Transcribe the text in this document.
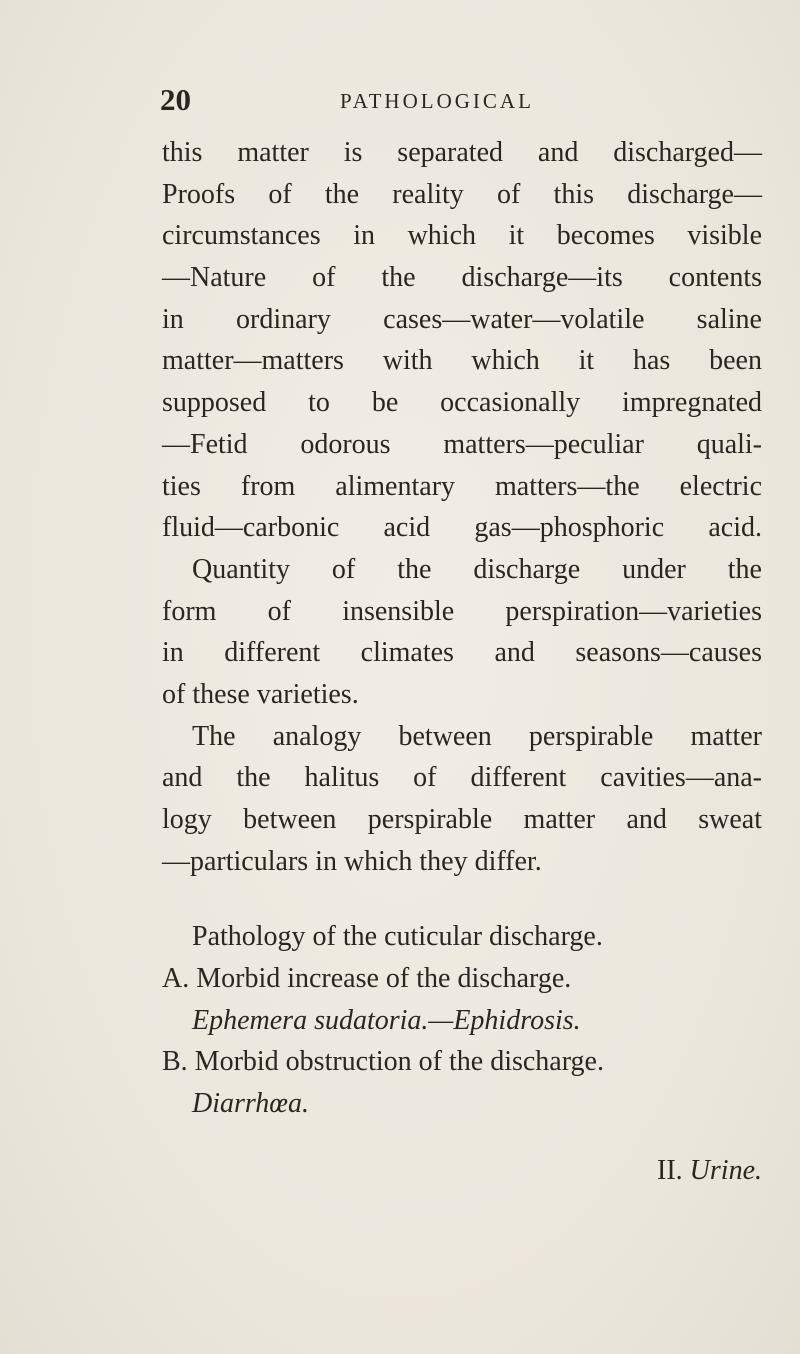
20	PATHOLOGICAL
this matter is separated and discharged—
Proofs of the reality of this discharge—
circumstances in which it becomes visible
—Nature of the discharge—its contents
in ordinary cases—water—volatile saline
matter—matters with which it has been
supposed to be occasionally impregnated
—Fetid odorous matters—peculiar quali-
ties from alimentary matters—the electric
fluid—carbonic acid gas—phosphoric acid.
Quantity of the discharge under the
form of insensible perspiration—varieties
in different climates and seasons—causes
of these varieties.
The analogy between perspirable matter
and the halitus of different cavities—ana-
logy between perspirable matter and sweat
—particulars in which they differ.
Pathology of the cuticular discharge.
A. Morbid increase of the discharge.
Ephemera sudatoria.—Ephidrosis.
B. Morbid obstruction of the discharge.
Diarrhœa.
II. Urine.
